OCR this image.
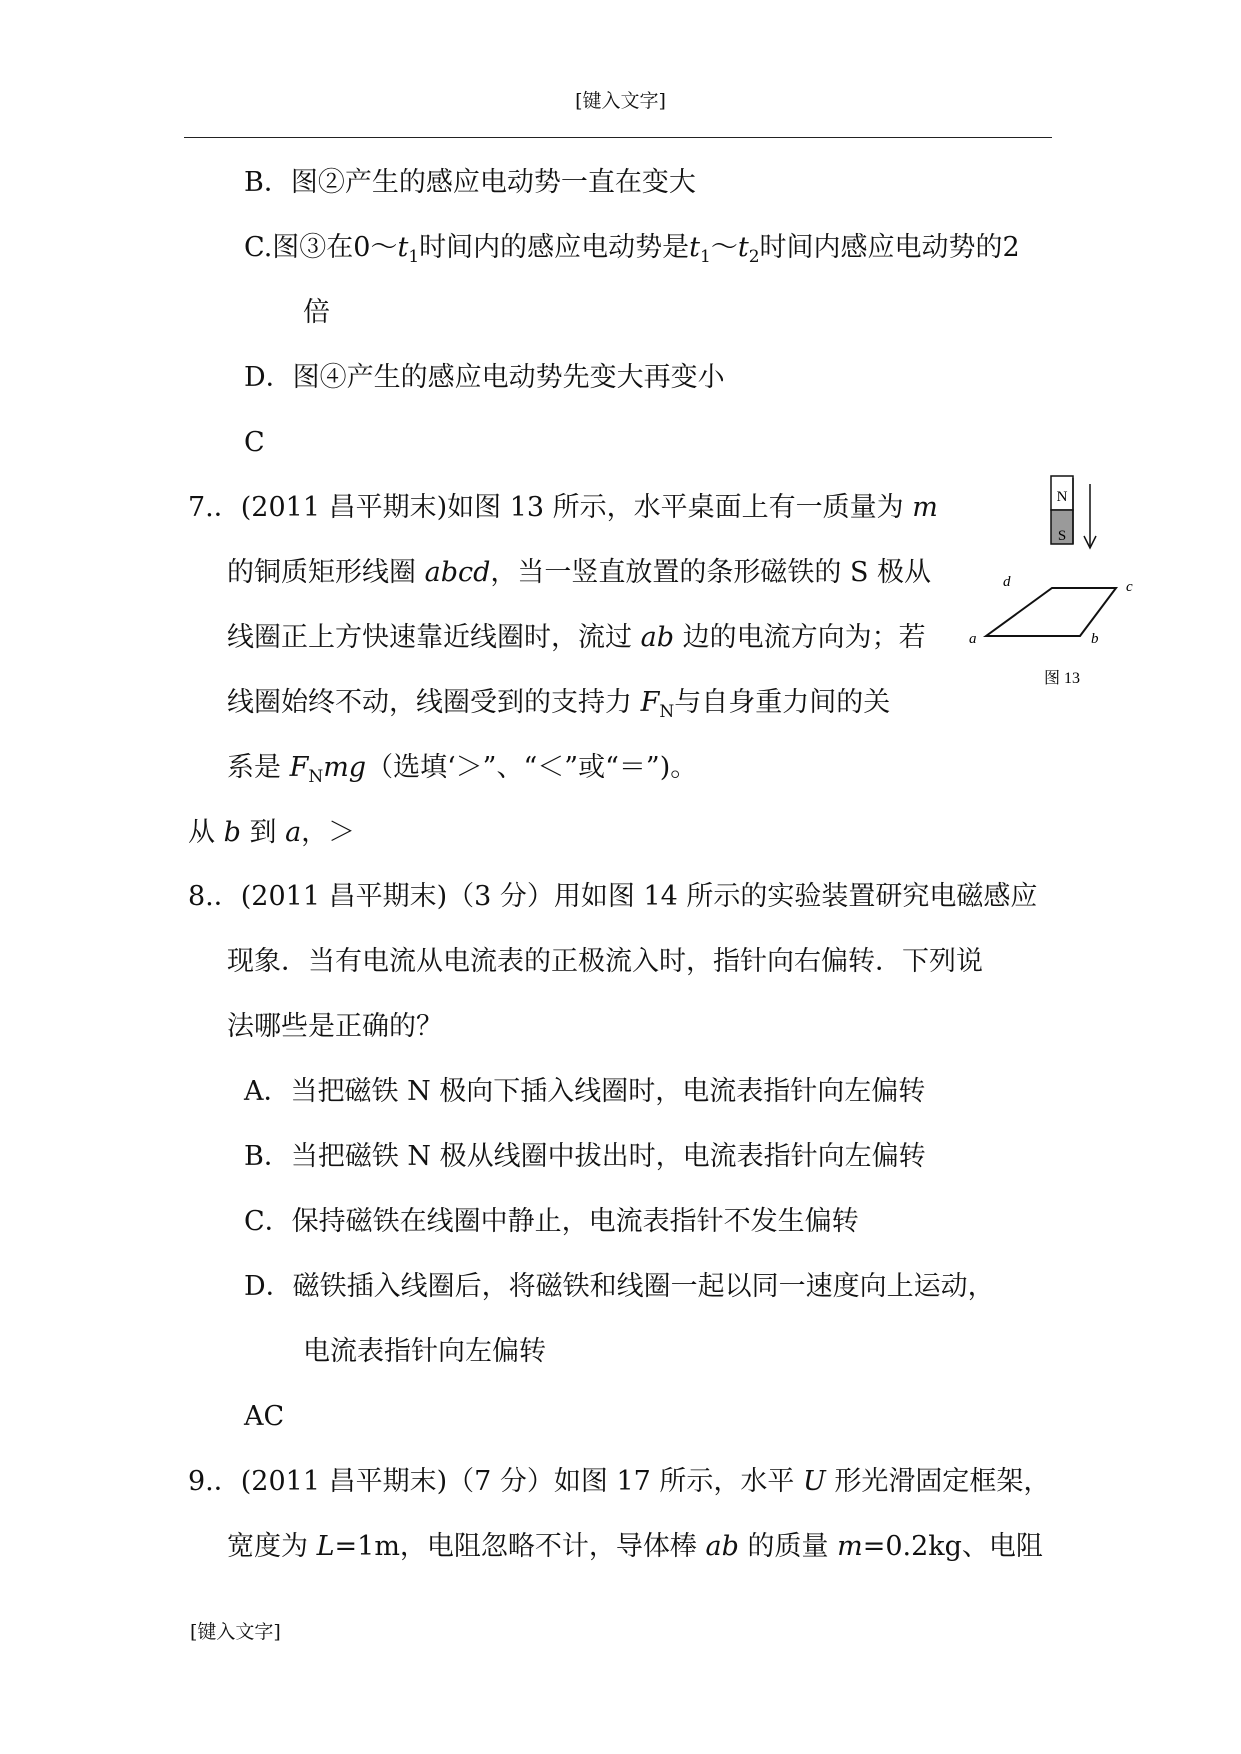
[键入文字]
B．图②产生的感应电动势一直在变大
C.图③在$0\sim t_1$时间内的感应电动势是$t_1\sim t_2$时间内感应电动势的2
倍
D．图④产生的感应电动势先变大再变小
C
7.．(2011 昌平期末)如图 13 所示，水平桌面上有一质量为 m
的铜质矩形线圈 abcd，当一竖直放置的条形磁铁的 S 极从
线圈正上方快速靠近线圈时，流过 ab 边的电流方向为；若
线圈始终不动，线圈受到的支持力 $F_N$与自身重力间的关
系是 $F_Nmg$（选填‘＞”、“＜”或“＝”)。
从 b 到 a，＞
N
S
d	c
a	b
图 13
8.．(2011 昌平期末)（3 分）用如图 14 所示的实验装置研究电磁感应
现象．当有电流从电流表的正极流入时，指针向右偏转．下列说
法哪些是正确的？
A．当把磁铁 N 极向下插入线圈时，电流表指针向左偏转
B．当把磁铁 N 极从线圈中拔出时，电流表指针向左偏转
C．保持磁铁在线圈中静止，电流表指针不发生偏转
D．磁铁插入线圈后，将磁铁和线圈一起以同一速度向上运动，
电流表指针向左偏转
AC
9.．(2011 昌平期末)（7 分）如图 17 所示，水平 U 形光滑固定框架，
宽度为 L=1m，电阻忽略不计，导体棒 ab 的质量 m=0.2kg、电阻
[键入文字]
